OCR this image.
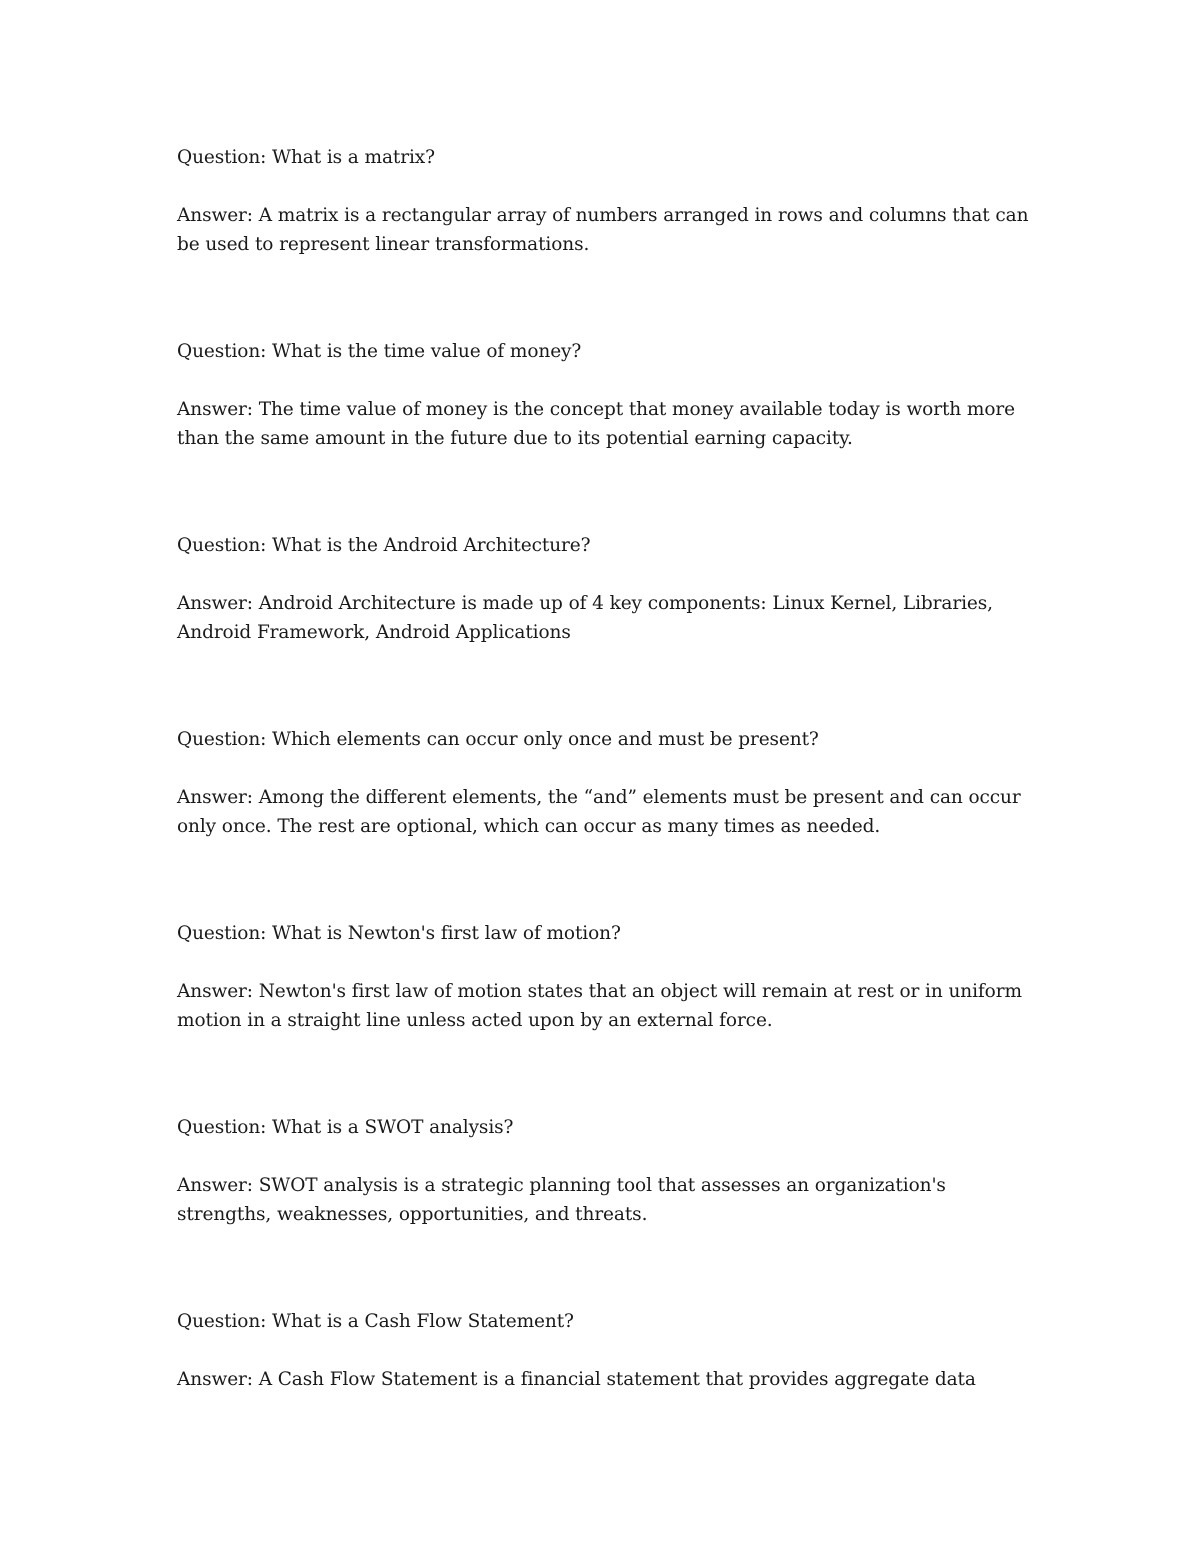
Question: What is a matrix?

Answer: A matrix is a rectangular array of numbers arranged in rows and columns that can
be used to represent linear transformations.

Question: What is the time value of money?

Answer: The time value of money is the concept that money available today is worth more
than the same amount in the future due to its potential earning capacity.

Question: What is the Android Architecture?

Answer: Android Architecture is made up of 4 key components: Linux Kernel, Libraries,
Android Framework, Android Applications

Question: Which elements can occur only once and must be present?

Answer: Among the different elements, the “and” elements must be present and can occur
only once. The rest are optional, which can occur as many times as needed.

Question: What is Newton's first law of motion?

Answer: Newton's first law of motion states that an object will remain at rest or in uniform
motion in a straight line unless acted upon by an external force.

Question: What is a SWOT analysis?

Answer: SWOT analysis is a strategic planning tool that assesses an organization's
strengths, weaknesses, opportunities, and threats.

Question: What is a Cash Flow Statement?

Answer: A Cash Flow Statement is a financial statement that provides aggregate data
